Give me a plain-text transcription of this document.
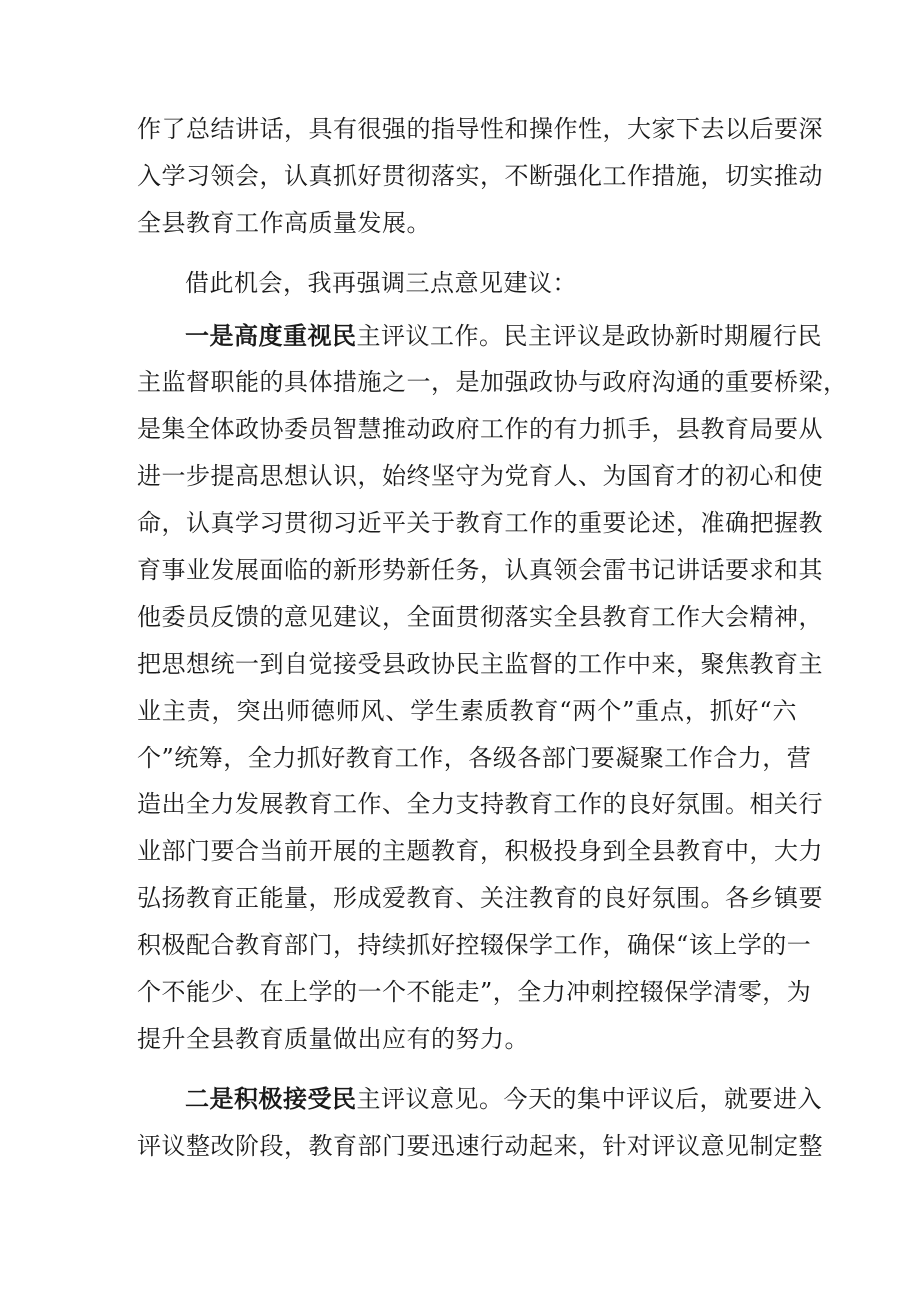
作了总结讲话，具有很强的指导性和操作性，大家下去以后要深
入学习领会，认真抓好贯彻落实，不断强化工作措施，切实推动
全县教育工作高质量发展。
借此机会，我再强调三点意见建议：
一是高度重视民主评议工作。民主评议是政协新时期履行民
主监督职能的具体措施之一，是加强政协与政府沟通的重要桥梁，
是集全体政协委员智慧推动政府工作的有力抓手，县教育局要从
进一步提高思想认识，始终坚守为党育人、为国育才的初心和使
命，认真学习贯彻习近平关于教育工作的重要论述，准确把握教
育事业发展面临的新形势新任务，认真领会雷书记讲话要求和其
他委员反馈的意见建议，全面贯彻落实全县教育工作大会精神，
把思想统一到自觉接受县政协民主监督的工作中来，聚焦教育主
业主责，突出师德师风、学生素质教育“两个”重点，抓好“六
个”统筹，全力抓好教育工作，各级各部门要凝聚工作合力，营
造出全力发展教育工作、全力支持教育工作的良好氛围。相关行
业部门要合当前开展的主题教育，积极投身到全县教育中，大力
弘扬教育正能量，形成爱教育、关注教育的良好氛围。各乡镇要
积极配合教育部门，持续抓好控辍保学工作，确保“该上学的一
个不能少、在上学的一个不能走”，全力冲刺控辍保学清零，为
提升全县教育质量做出应有的努力。
二是积极接受民主评议意见。今天的集中评议后，就要进入
评议整改阶段，教育部门要迅速行动起来，针对评议意见制定整
